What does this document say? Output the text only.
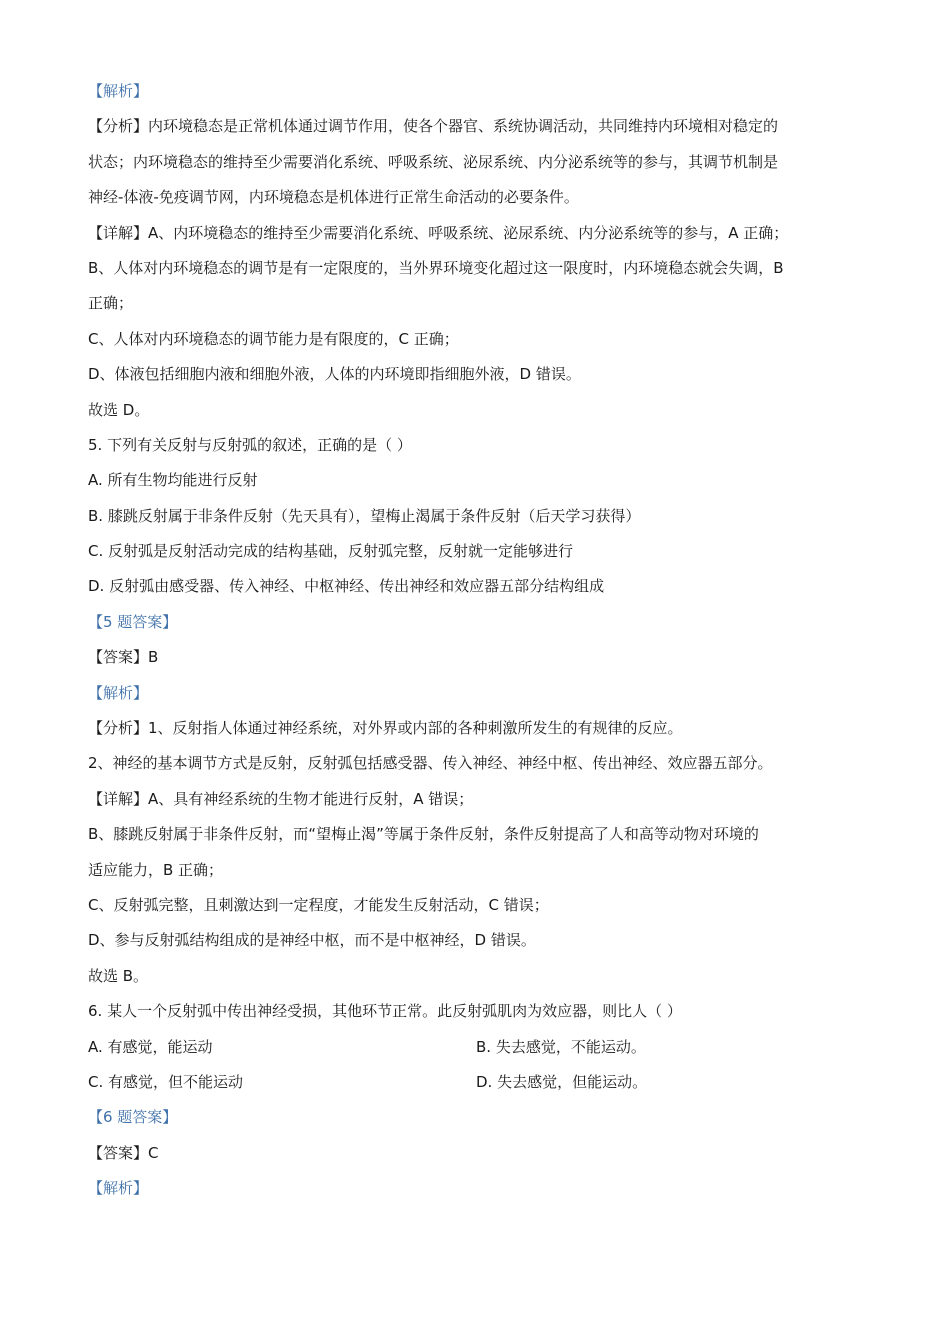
【解析】
【分析】内环境稳态是正常机体通过调节作用，使各个器官、系统协调活动，共同维持内环境相对稳定的
状态；内环境稳态的维持至少需要消化系统、呼吸系统、泌尿系统、内分泌系统等的参与，其调节机制是
神经-体液-免疫调节网，内环境稳态是机体进行正常生命活动的必要条件。
【详解】A、内环境稳态的维持至少需要消化系统、呼吸系统、泌尿系统、内分泌系统等的参与，A 正确；
B、人体对内环境稳态的调节是有一定限度的，当外界环境变化超过这一限度时，内环境稳态就会失调，B
正确；
C、人体对内环境稳态的调节能力是有限度的，C 正确；
D、体液包括细胞内液和细胞外液，人体的内环境即指细胞外液，D 错误。
故选 D。
5. 下列有关反射与反射弧的叙述，正确的是（ ）
A. 所有生物均能进行反射
B. 膝跳反射属于非条件反射（先天具有），望梅止渴属于条件反射（后天学习获得）
C. 反射弧是反射活动完成的结构基础，反射弧完整，反射就一定能够进行
D. 反射弧由感受器、传入神经、中枢神经、传出神经和效应器五部分结构组成
【5 题答案】
【答案】B
【解析】
【分析】1、反射指人体通过神经系统，对外界或内部的各种刺激所发生的有规律的反应。
2、神经的基本调节方式是反射，反射弧包括感受器、传入神经、神经中枢、传出神经、效应器五部分。
【详解】A、具有神经系统的生物才能进行反射，A 错误；
B、膝跳反射属于非条件反射，而“望梅止渴”等属于条件反射，条件反射提高了人和高等动物对环境的
适应能力，B 正确；
C、反射弧完整，且刺激达到一定程度，才能发生反射活动，C 错误；
D、参与反射弧结构组成的是神经中枢，而不是中枢神经，D 错误。
故选 B。
6. 某人一个反射弧中传出神经受损，其他环节正常。此反射弧肌肉为效应器，则比人（ ）
A. 有感觉，能运动	B. 失去感觉，不能运动。
C. 有感觉，但不能运动	D. 失去感觉，但能运动。
【6 题答案】
【答案】C
【解析】
